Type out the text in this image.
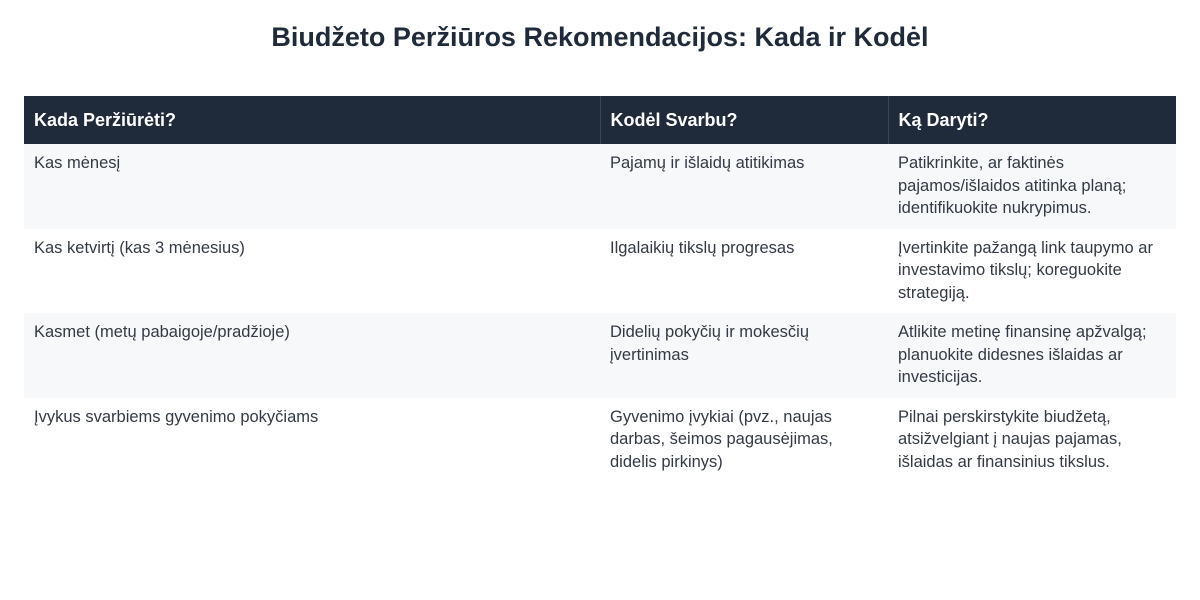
Biudžeto Peržiūros Rekomendacijos: Kada ir Kodėl
Kada Peržiūrėti?	Kodėl Svarbu?	Ką Daryti?
Kas mėnesį	Pajamų ir išlaidų atitikimas	Patikrinkite, ar faktinės pajamos/išlaidos atitinka planą; identifikuokite nukrypimus.
Kas ketvirtį (kas 3 mėnesius)	Ilgalaikių tikslų progresas	Įvertinkite pažangą link taupymo ar investavimo tikslų; koreguokite strategiją.
Kasmet (metų pabaigoje/pradžioje)	Didelių pokyčių ir mokesčių įvertinimas	Atlikite metinę finansinę apžvalgą; planuokite didesnes išlaidas ar investicijas.
Įvykus svarbiems gyvenimo pokyčiams	Gyvenimo įvykiai (pvz., naujas darbas, šeimos pagausėjimas, didelis pirkinys)	Pilnai perskirstykite biudžetą, atsižvelgiant į naujas pajamas, išlaidas ar finansinius tikslus.
